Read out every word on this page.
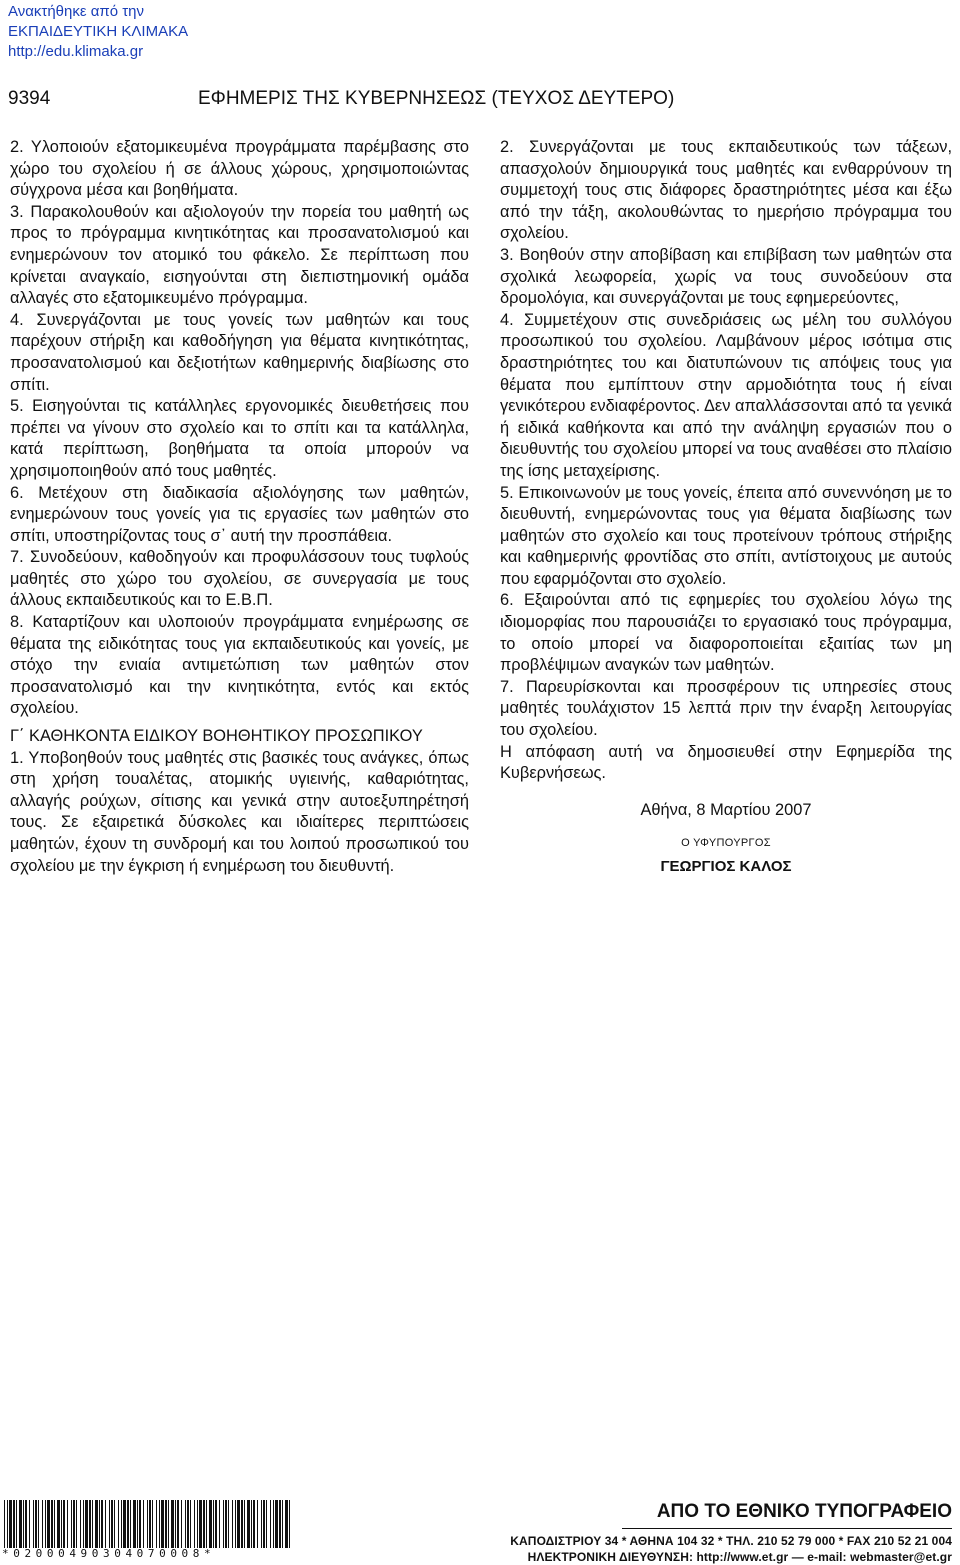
Ανακτήθηκε από την
ΕΚΠΑΙΔΕΥΤΙΚΗ ΚΛΙΜΑΚΑ
http://edu.klimaka.gr
9394	ΕΦΗΜΕΡΙΣ ΤΗΣ ΚΥΒΕΡΝΗΣΕΩΣ (ΤΕΥΧΟΣ ΔΕΥΤΕΡΟ)

2. Υλοποιούν εξατομικευμένα προγράμματα παρέμβασης στο χώρο του σχολείου ή σε άλλους χώρους, χρησιμοποιώντας σύγχρονα μέσα και βοηθήματα.

3. Παρακολουθούν και αξιολογούν την πορεία του μαθητή ως προς το πρόγραμμα κινητικότητας και προσανατολισμού και ενημερώνουν τον ατομικό του φάκελο. Σε περίπτωση που κρίνεται αναγκαίο, εισηγούνται στη διεπιστημονική ομάδα αλλαγές στο εξατομικευμένο πρόγραμμα.

4. Συνεργάζονται με τους γονείς των μαθητών και τους παρέχουν στήριξη και καθοδήγηση για θέματα κινητικότητας, προσανατολισμού και δεξιοτήτων καθημερινής διαβίωσης στο σπίτι.

5. Εισηγούνται τις κατάλληλες εργονομικές διευθετήσεις που πρέπει να γίνουν στο σχολείο και το σπίτι και τα κατάλληλα, κατά περίπτωση, βοηθήματα τα οποία μπορούν να χρησιμοποιηθούν από τους μαθητές.

6. Μετέχουν στη διαδικασία αξιολόγησης των μαθητών, ενημερώνουν τους γονείς για τις εργασίες των μαθητών στο σπίτι, υποστηρίζοντας τους σ᾽ αυτή την προσπάθεια.

7. Συνοδεύουν, καθοδηγούν και προφυλάσσουν τους τυφλούς μαθητές στο χώρο του σχολείου, σε συνεργασία με τους άλλους εκπαιδευτικούς και το Ε.Β.Π.

8. Καταρτίζουν και υλοποιούν προγράμματα ενημέρωσης σε θέματα της ειδικότητας τους για εκπαιδευτικούς και γονείς, με στόχο την ενιαία αντιμετώπιση των μαθητών στον προσανατολισμό και την κινητικότητα, εντός και εκτός σχολείου.

Γ΄ ΚΑΘΗΚΟΝΤΑ ΕΙΔΙΚΟΥ ΒΟΗΘΗΤΙΚΟΥ ΠΡΟΣΩΠΙΚΟΥ

1. Υποβοηθούν τους μαθητές στις βασικές τους ανάγκες, όπως στη χρήση τουαλέτας, ατομικής υγιεινής, καθαριότητας, αλλαγής ρούχων, σίτισης και γενικά στην αυτοεξυπηρέτησή τους. Σε εξαιρετικά δύσκολες και ιδιαίτερες περιπτώσεις μαθητών, έχουν τη συνδρομή και του λοιπού προσωπικού του σχολείου με την έγκριση ή ενημέρωση του διευθυντή.

2. Συνεργάζονται με τους εκπαιδευτικούς των τάξεων, απασχολούν δημιουργικά τους μαθητές και ενθαρρύνουν τη συμμετοχή τους στις διάφορες δραστηριότητες μέσα και έξω από την τάξη, ακολουθώντας το ημερήσιο πρόγραμμα του σχολείου.

3. Βοηθούν στην αποβίβαση και επιβίβαση των μαθητών στα σχολικά λεωφορεία, χωρίς να τους συνοδεύουν στα δρομολόγια, και συνεργάζονται με τους εφημερεύοντες,

4. Συμμετέχουν στις συνεδριάσεις ως μέλη του συλλόγου προσωπικού του σχολείου. Λαμβάνουν μέρος ισότιμα στις δραστηριότητες του και διατυπώνουν τις απόψεις τους για θέματα που εμπίπτουν στην αρμοδιότητα τους ή είναι γενικότερου ενδιαφέροντος. Δεν απαλλάσσονται από τα γενικά ή ειδικά καθήκοντα και από την ανάληψη εργασιών που ο διευθυντής του σχολείου μπορεί να τους αναθέσει στο πλαίσιο της ίσης μεταχείρισης.

5. Επικοινωνούν με τους γονείς, έπειτα από συνεννόηση με το διευθυντή, ενημερώνοντας τους για θέματα διαβίωσης των μαθητών στο σχολείο και τους προτείνουν τρόπους στήριξης και καθημερινής φροντίδας στο σπίτι, αντίστοιχους με αυτούς που εφαρμόζονται στο σχολείο.

6. Εξαιρούνται από τις εφημερίες του σχολείου λόγω της ιδιομορφίας που παρουσιάζει το εργασιακό τους πρόγραμμα, το οποίο μπορεί να διαφοροποιείται εξαιτίας των μη προβλέψιμων αναγκών των μαθητών.

7. Παρευρίσκονται και προσφέρουν τις υπηρεσίες στους μαθητές τουλάχιστον 15 λεπτά πριν την έναρξη λειτουργίας του σχολείου.

Η απόφαση αυτή να δημοσιευθεί στην Εφημερίδα της Κυβερνήσεως.

Αθήνα, 8 Μαρτίου 2007
Ο ΥΦΥΠΟΥΡΓΟΣ
ΓΕΩΡΓΙΟΣ ΚΑΛΟΣ
*02000490304070008*
ΑΠΟ ΤΟ ΕΘΝΙΚΟ ΤΥΠΟΓΡΑΦΕΙΟ
ΚΑΠΟΔΙΣΤΡΙΟΥ 34 * ΑΘΗΝΑ 104 32 * ΤΗΛ. 210 52 79 000 * FAX 210 52 21 004
ΗΛΕΚΤΡΟΝΙΚΗ ΔΙΕΥΘΥΝΣΗ: http://www.et.gr — e-mail: webmaster@et.gr
